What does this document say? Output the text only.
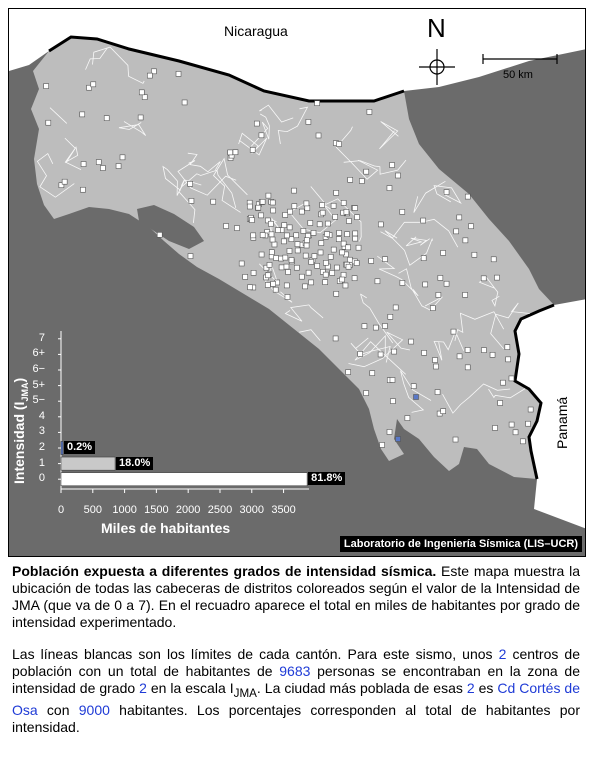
Nicaragua
Panamá
N
50 km
Intensidad $(I_{JMA})$
Miles de habitantes
Laboratorio de Ingeniería Sísmica (LIS–UCR)
0	81.8%
1	18.0%
2 0.2%
3
4
5−
5+
6−
6+
7
0 500 1000 1500 2000 2500 3000 3500

Población expuesta a diferentes grados de intensidad sísmica. Este mapa muestra la ubicación de todas las cabeceras de distritos coloreados según el valor de la Intensidad de JMA (que va de 0 a 7). En el recuadro aparece el total en miles de habitantes por grado de intensidad experimentado.

Las líneas blancas son los límites de cada cantón. Para este sismo, unos 2 centros de población con un total de habitantes de 9683 personas se encontraban en la zona de intensidad de grado 2 en la escala $I_{JMA}$. La ciudad más poblada de esas 2 es Cd Cortés de Osa con 9000 habitantes. Los porcentajes corresponden al total de habitantes por intensidad.
